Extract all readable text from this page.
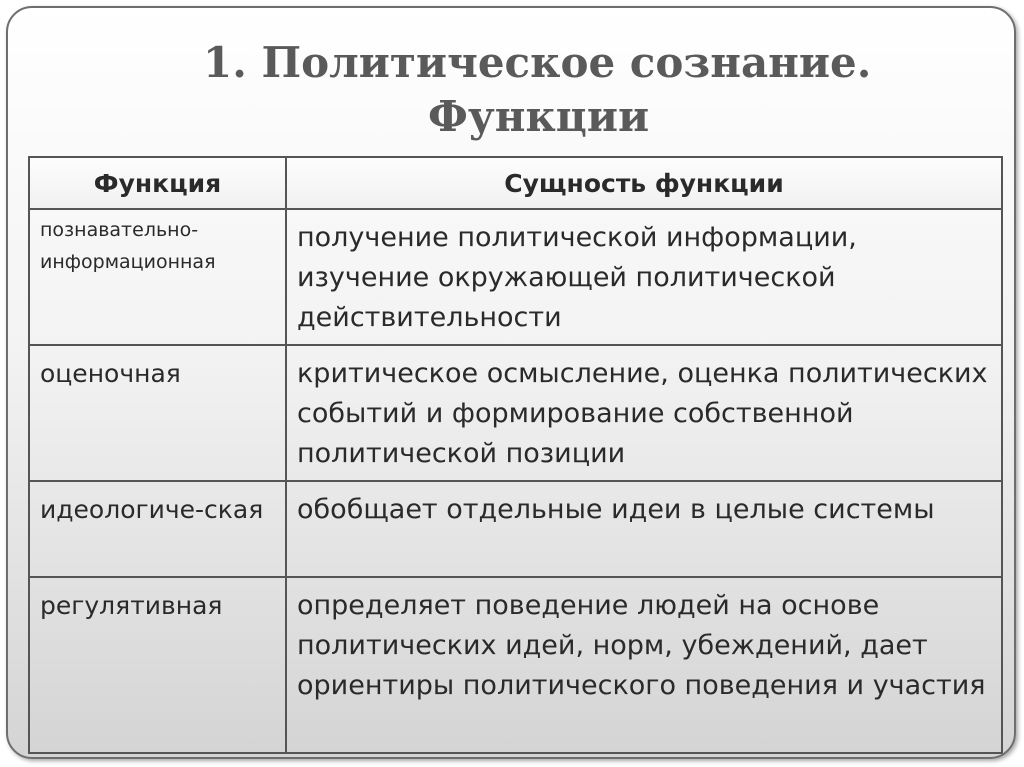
1. Политическое сознание.
Функции
Функция	Сущность функции
познавательно-информационная	получение политической информации, изучение окружающей политической действительности
оценочная	критическое осмысление, оценка политических событий и формирование собственной политической позиции
идеологиче-ская	обобщает отдельные идеи в целые системы
регулятивная	определяет поведение людей на основе политических идей, норм, убеждений, дает ориентиры политического поведения и участия
